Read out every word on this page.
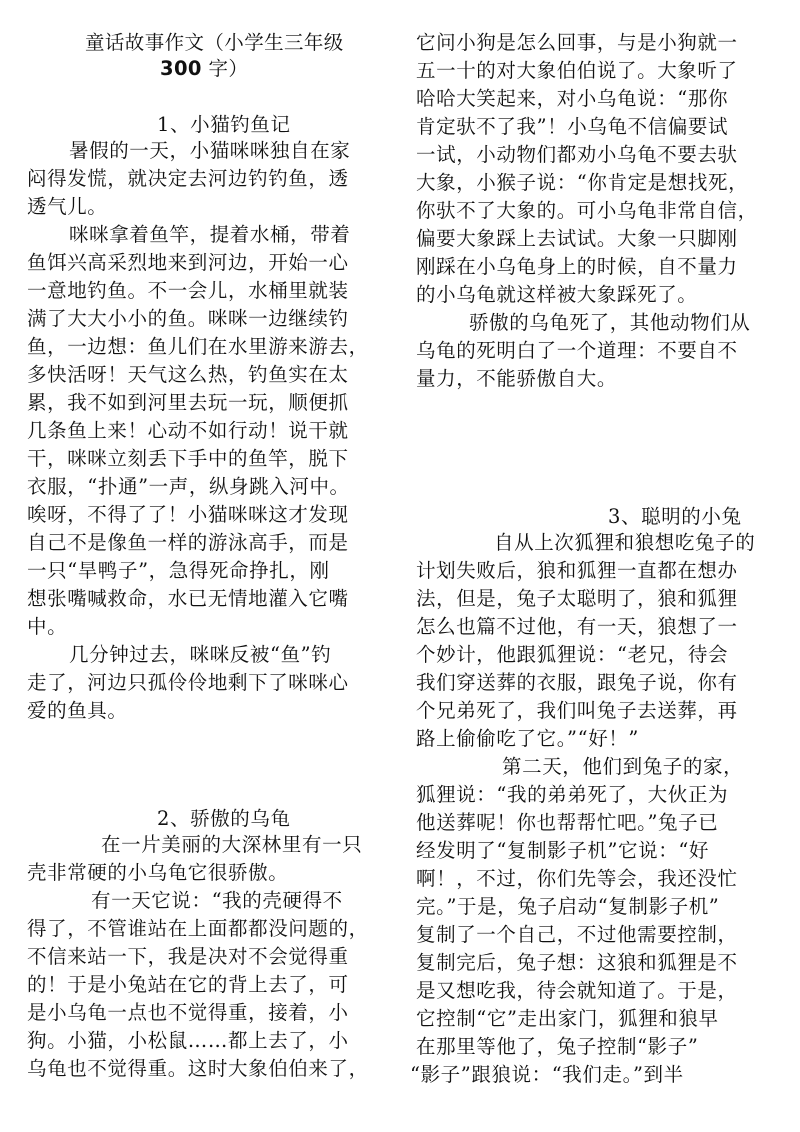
童话故事作文（小学生三年级
300 字）
1、小猫钓鱼记
暑假的一天，小猫咪咪独自在家
闷得发慌，就决定去河边钓钓鱼，透
透气儿。
咪咪拿着鱼竿，提着水桶，带着
鱼饵兴高采烈地来到河边，开始一心
一意地钓鱼。不一会儿，水桶里就装
满了大大小小的鱼。咪咪一边继续钓
鱼，一边想：鱼儿们在水里游来游去，
多快活呀！天气这么热，钓鱼实在太
累，我不如到河里去玩一玩，顺便抓
几条鱼上来！心动不如行动！说干就
干，咪咪立刻丢下手中的鱼竿，脱下
衣服，“扑通”一声，纵身跳入河中。
唉呀，不得了了！小猫咪咪这才发现
自己不是像鱼一样的游泳高手，而是
一只“旱鸭子”，急得死命挣扎，刚
想张嘴喊救命，水已无情地灌入它嘴
中。
几分钟过去，咪咪反被“鱼”钓
走了，河边只孤伶伶地剩下了咪咪心
爱的鱼具。
2、骄傲的乌龟
在一片美丽的大深林里有一只
壳非常硬的小乌龟它很骄傲。
有一天它说：“我的壳硬得不
得了，不管谁站在上面都都没问题的，
不信来站一下，我是决对不会觉得重
的！于是小兔站在它的背上去了，可
是小乌龟一点也不觉得重，接着，小
狗。小猫，小松鼠……都上去了，小
乌龟也不觉得重。这时大象伯伯来了，
它问小狗是怎么回事，与是小狗就一
五一十的对大象伯伯说了。大象听了
哈哈大笑起来，对小乌龟说：“那你
肯定驮不了我”！小乌龟不信偏要试
一试，小动物们都劝小乌龟不要去驮
大象，小猴子说：“你肯定是想找死，
你驮不了大象的。可小乌龟非常自信，
偏要大象踩上去试试。大象一只脚刚
刚踩在小乌龟身上的时候，自不量力
的小乌龟就这样被大象踩死了。
骄傲的乌龟死了，其他动物们从
乌龟的死明白了一个道理：不要自不
量力，不能骄傲自大。
3、聪明的小兔
自从上次狐狸和狼想吃兔子的
计划失败后，狼和狐狸一直都在想办
法，但是，兔子太聪明了，狼和狐狸
怎么也篇不过他，有一天，狼想了一
个妙计，他跟狐狸说：“老兄，待会
我们穿送葬的衣服，跟兔子说，你有
个兄弟死了，我们叫兔子去送葬，再
路上偷偷吃了它。”“好！”
第二天，他们到兔子的家，
狐狸说：“我的弟弟死了，大伙正为
他送葬呢！你也帮帮忙吧。”兔子已
经发明了“复制影子机”它说：“好
啊！，不过，你们先等会，我还没忙
完。”于是，兔子启动“复制影子机”
复制了一个自己，不过他需要控制，
复制完后，兔子想：这狼和狐狸是不
是又想吃我，待会就知道了。于是，
它控制“它”走出家门，狐狸和狼早
在那里等他了，兔子控制“影子”
“影子”跟狼说：“我们走。”到半
